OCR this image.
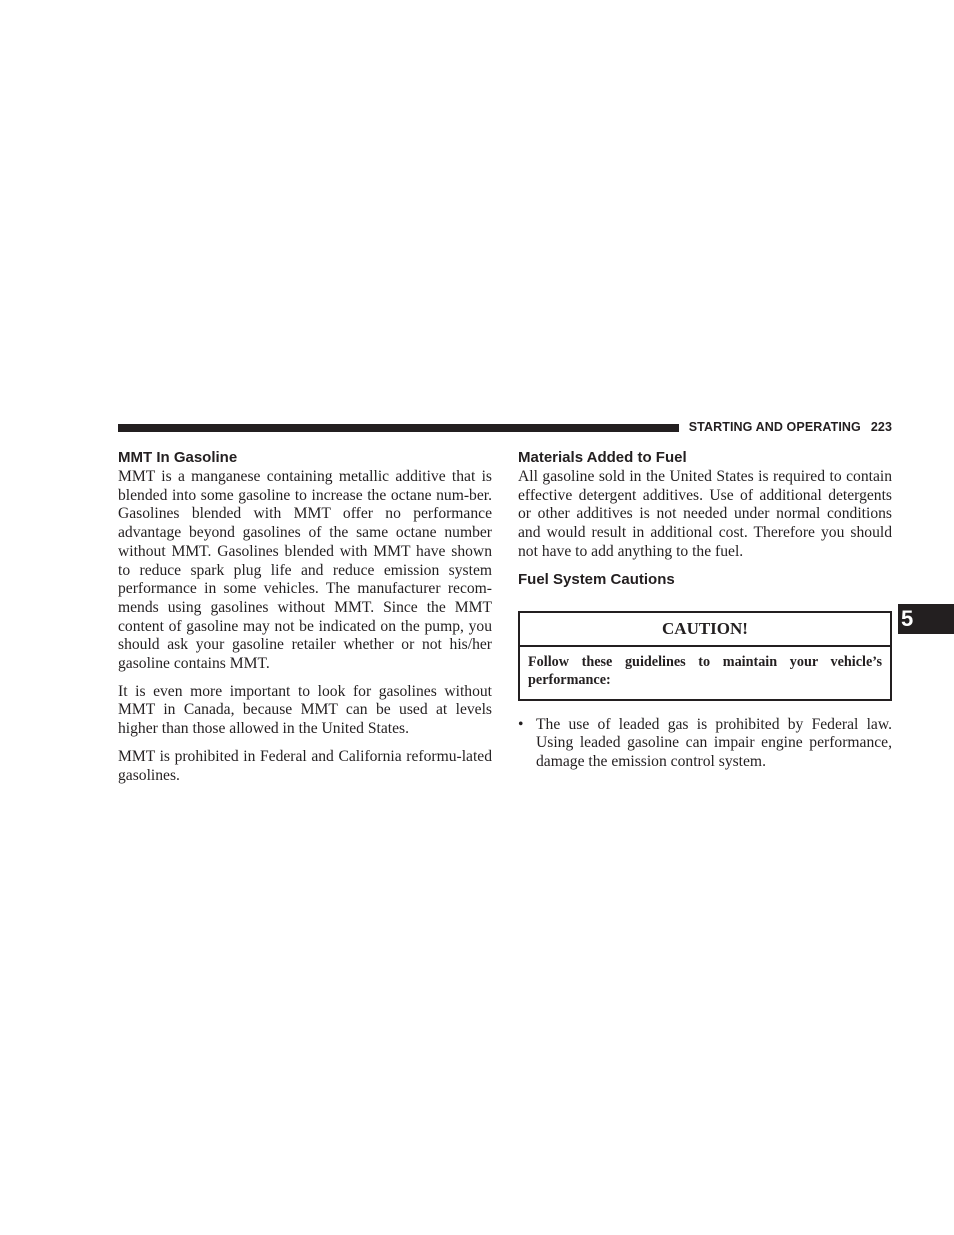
STARTING AND OPERATING 223
5
MMT In Gasoline

MMT is a manganese containing metallic additive that is blended into some gasoline to increase the octane num-ber. Gasolines blended with MMT offer no performance advantage beyond gasolines of the same octane number without MMT. Gasolines blended with MMT have shown to reduce spark plug life and reduce emission system performance in some vehicles. The manufacturer recom-mends using gasolines without MMT. Since the MMT content of gasoline may not be indicated on the pump, you should ask your gasoline retailer whether or not his/her gasoline contains MMT.

It is even more important to look for gasolines without MMT in Canada, because MMT can be used at levels higher than those allowed in the United States.

MMT is prohibited in Federal and California reformu-lated gasolines.

Materials Added to Fuel

All gasoline sold in the United States is required to contain effective detergent additives. Use of additional detergents or other additives is not needed under normal conditions and would result in additional cost. Therefore you should not have to add anything to the fuel.

Fuel System Cautions
CAUTION!
Follow these guidelines to maintain your vehicle’s performance:
• The use of leaded gas is prohibited by Federal law. Using leaded gasoline can impair engine performance, damage the emission control system.
